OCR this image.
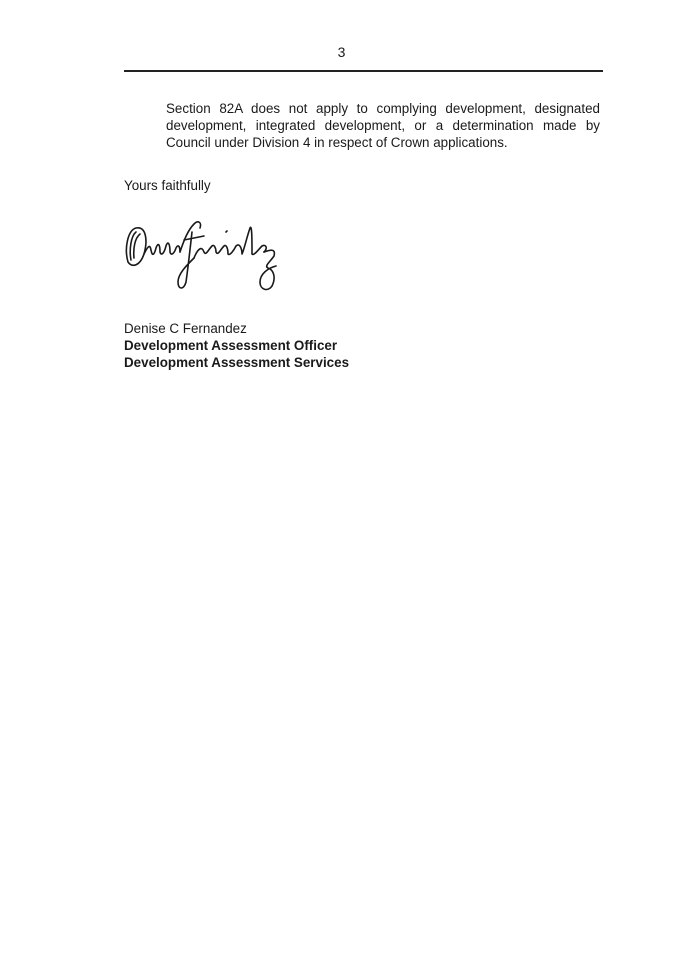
3

Section 82A does not apply to complying development, designated development, integrated development, or a determination made by Council under Division 4 in respect of Crown applications.

Yours faithfully

Denise C Fernandez
Development Assessment Officer
Development Assessment Services
